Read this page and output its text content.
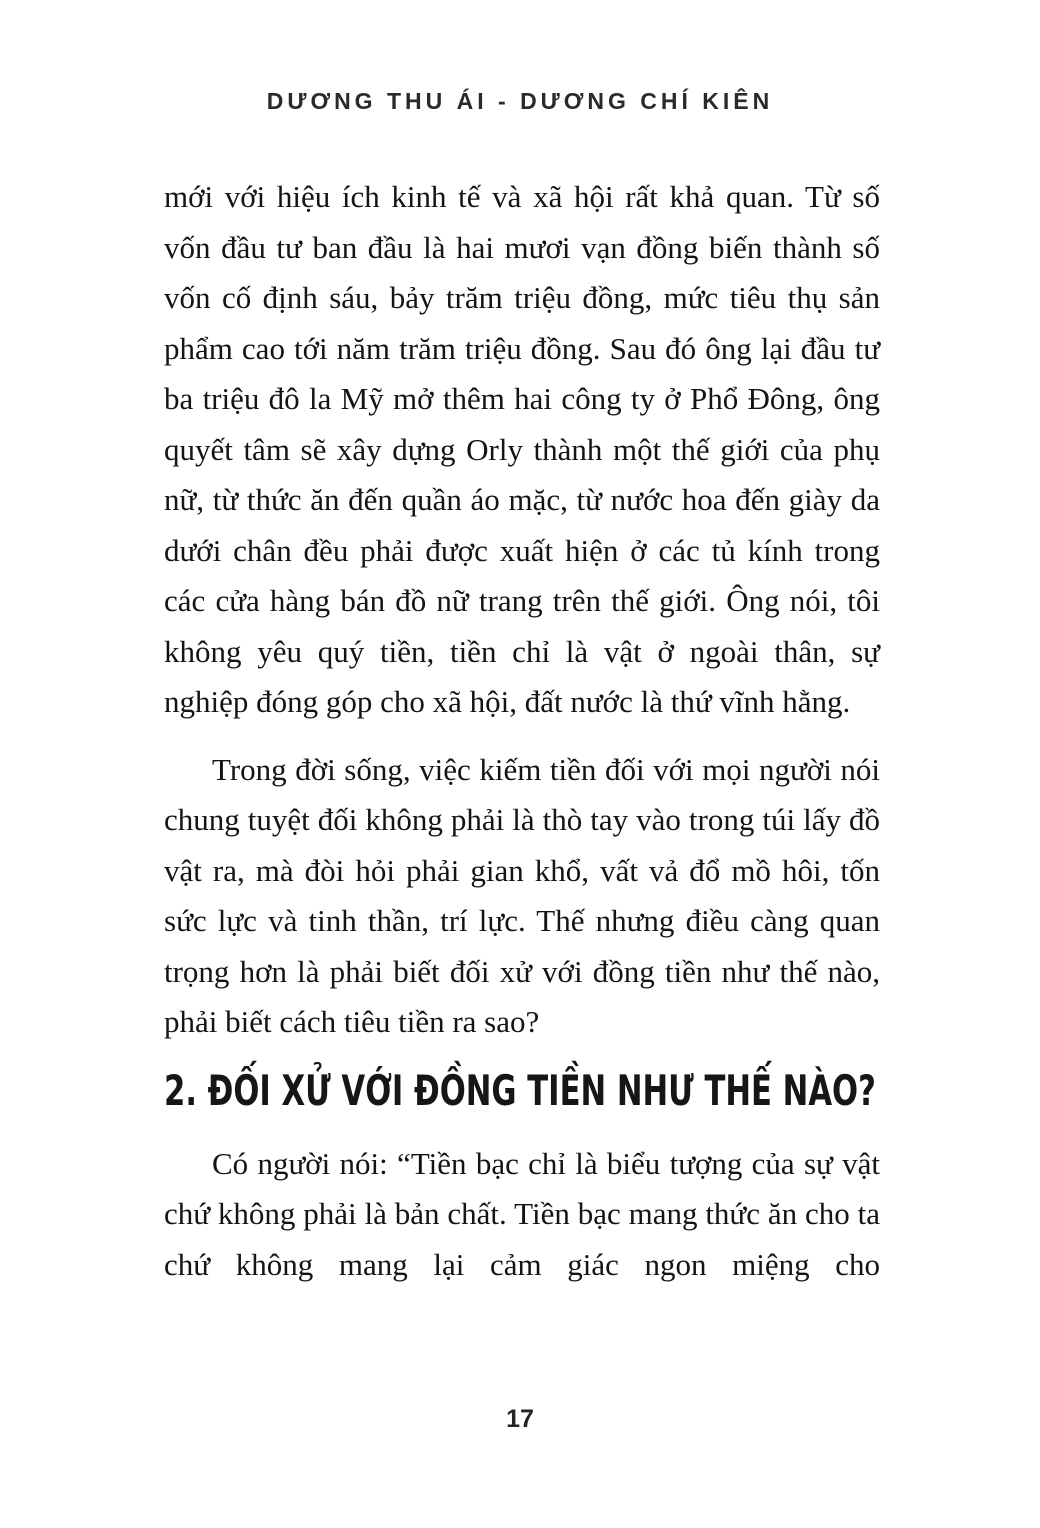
DƯƠNG THU ÁI - DƯƠNG CHÍ KIÊN

mới với hiệu ích kinh tế và xã hội rất khả quan. Từ số vốn đầu tư ban đầu là hai mươi vạn đồng biến thành số vốn cố định sáu, bảy trăm triệu đồng, mức tiêu thụ sản phẩm cao tới năm trăm triệu đồng. Sau đó ông lại đầu tư ba triệu đô la Mỹ mở thêm hai công ty ở Phổ Đông, ông quyết tâm sẽ xây dựng Orly thành một thế giới của phụ nữ, từ thức ăn đến quần áo mặc, từ nước hoa đến giày da dưới chân đều phải được xuất hiện ở các tủ kính trong các cửa hàng bán đồ nữ trang trên thế giới. Ông nói, tôi không yêu quý tiền, tiền chỉ là vật ở ngoài thân, sự nghiệp đóng góp cho xã hội, đất nước là thứ vĩnh hằng.

Trong đời sống, việc kiếm tiền đối với mọi người nói chung tuyệt đối không phải là thò tay vào trong túi lấy đồ vật ra, mà đòi hỏi phải gian khổ, vất vả đổ mồ hôi, tốn sức lực và tinh thần, trí lực. Thế nhưng điều càng quan trọng hơn là phải biết đối xử với đồng tiền như thế nào, phải biết cách tiêu tiền ra sao?

2. ĐỐI XỬ VỚI ĐỒNG TIỀN NHƯ THẾ NÀO?

Có người nói: “Tiền bạc chỉ là biểu tượng của sự vật chứ không phải là bản chất. Tiền bạc mang thức ăn cho ta chứ không mang lại cảm giác ngon miệng cho

17
